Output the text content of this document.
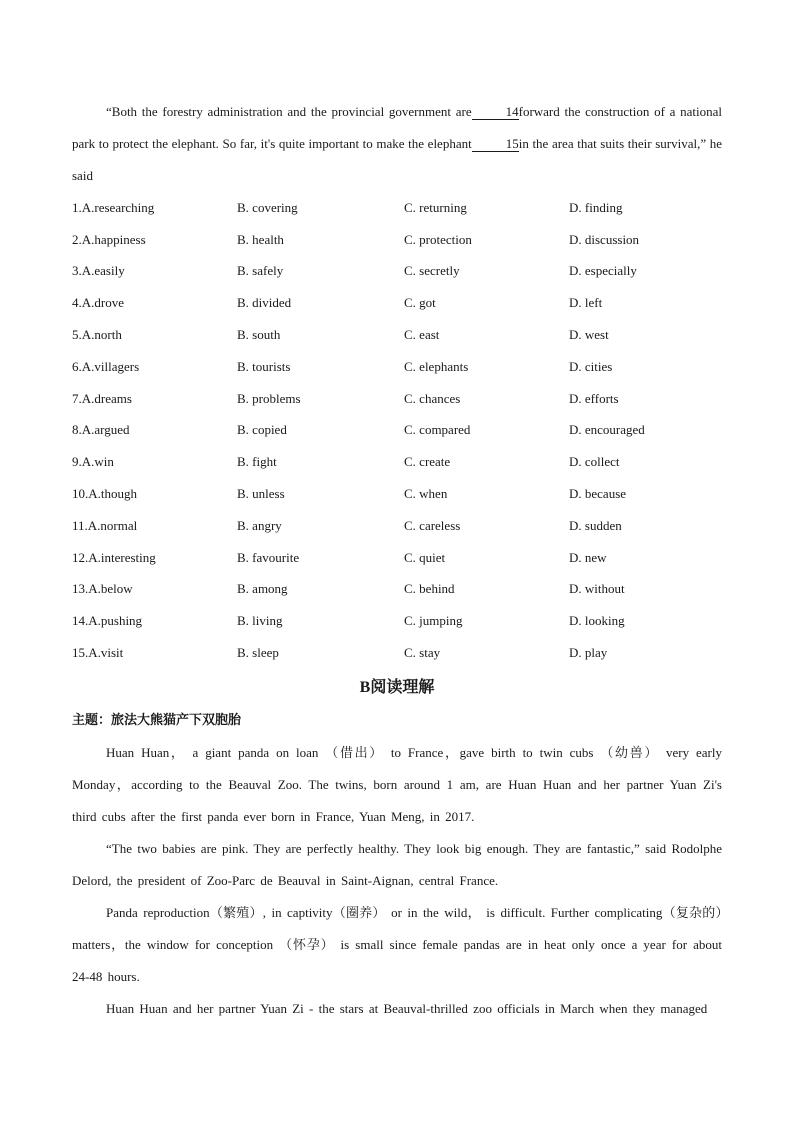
“Both the forestry administration and the provincial government are	14forward the construction of a national park to protect the elephant. So far, it's quite important to make the elephant	15in the area that suits their survival,” he said

1.A.researching	B. covering	C. returning	D. finding
2.A.happiness	B. health	C. protection	D. discussion
3.A.easily	B. safely	C. secretly	D. especially
4.A.drove	B. divided	C. got	D. left
5.A.north	B. south	C. east	D. west
6.A.villagers	B. tourists	C. elephants	D. cities
7.A.dreams	B. problems	C. chances	D. efforts
8.A.argued	B. copied	C. compared	D. encouraged
9.A.win	B. fight	C. create	D. collect
10.A.though	B. unless	C. when	D. because
11.A.normal	B. angry	C. careless	D. sudden
12.A.interesting	B. favourite	C. quiet	D. new
13.A.below	B. among	C. behind	D. without
14.A.pushing	B. living	C. jumping	D. looking
15.A.visit	B. sleep	C. stay	D. play
B阅读理解
主题：旅法大熊猫产下双胞胎

Huan Huan， a giant panda on loan （借出） to France，gave birth to twin cubs （幼兽） very early Monday，according to the Beauval Zoo. The twins, born around 1 am, are Huan Huan and her partner Yuan Zi's third cubs after the first panda ever born in France, Yuan Meng, in 2017.

“The two babies are pink. They are perfectly healthy. They look big enough. They are fantastic,” said Rodolphe Delord, the president of Zoo-Parc de Beauval in Saint-Aignan, central France.

Panda reproduction（繁殖）, in captivity（圈养） or in the wild， is difficult. Further complicating（复杂的）matters，the window for conception （怀孕） is small since female pandas are in heat only once a year for about 24-48 hours.

Huan Huan and her partner Yuan Zi - the stars at Beauval-thrilled zoo officials in March when they managed
